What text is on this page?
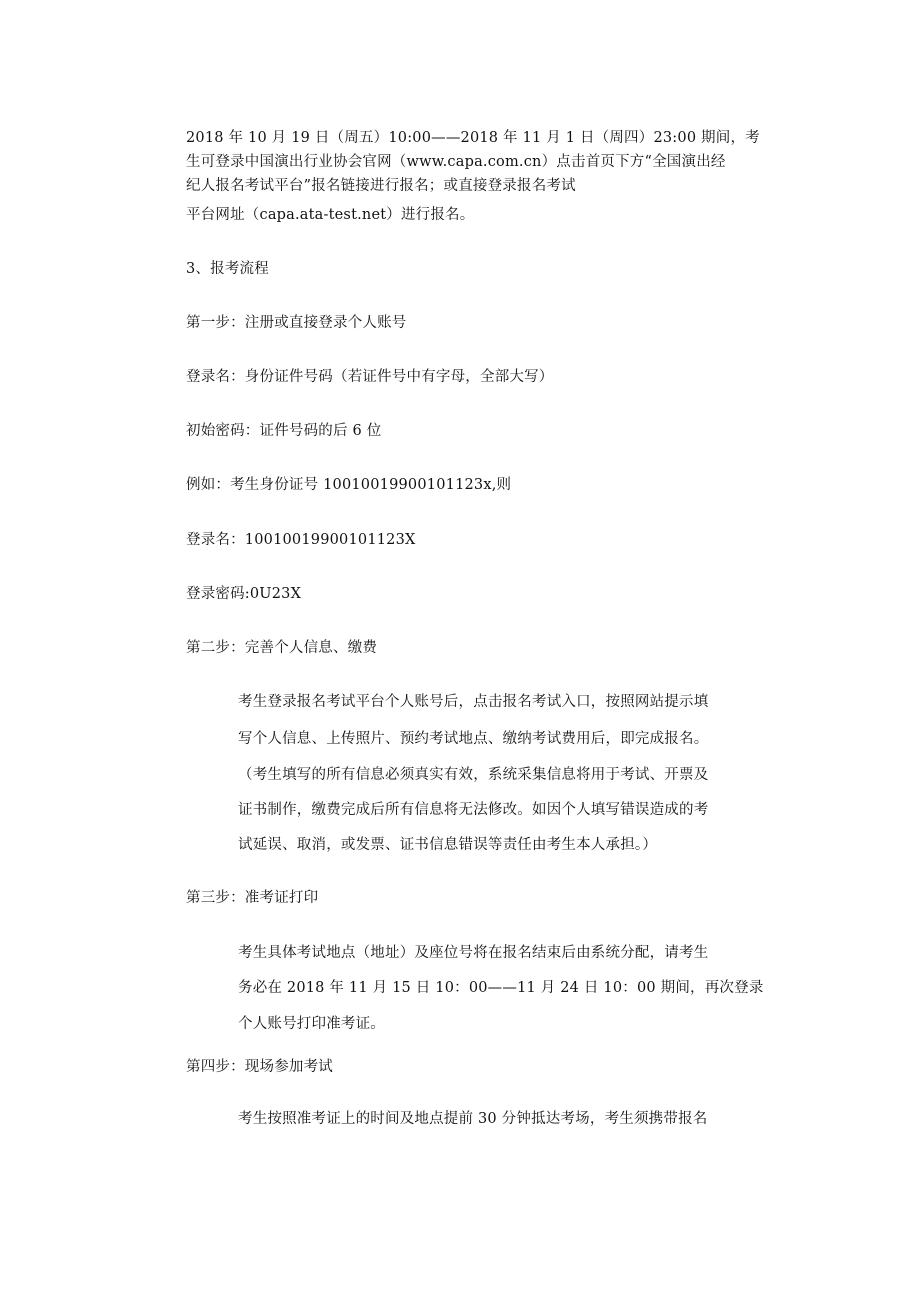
2018 年 10 月 19 日（周五）10:00——2018 年 11 月 1 日（周四）23:00 期间，考
生可登录中国演出行业协会官网（www.capa.com.cn）点击首页下方“全国演出经
纪人报名考试平台”报名链接进行报名；或直接登录报名考试
平台网址（capa.ata-test.net）进行报名。
3、报考流程
第一步：注册或直接登录个人账号
登录名：身份证件号码（若证件号中有字母，全部大写）
初始密码：证件号码的后 6 位
例如：考生身份证号 10010019900101123x,则
登录名：10010019900101123X
登录密码:0U23X
第二步：完善个人信息、缴费
考生登录报名考试平台个人账号后，点击报名考试入口，按照网站提示填
写个人信息、上传照片、预约考试地点、缴纳考试费用后，即完成报名。
（考生填写的所有信息必须真实有效，系统采集信息将用于考试、开票及
证书制作，缴费完成后所有信息将无法修改。如因个人填写错误造成的考
试延误、取消，或发票、证书信息错误等责任由考生本人承担。）
第三步：准考证打印
考生具体考试地点（地址）及座位号将在报名结束后由系统分配，请考生
务必在 2018 年 11 月 15 日 10：00——11 月 24 日 10：00 期间，再次登录
个人账号打印准考证。
第四步：现场参加考试
考生按照准考证上的时间及地点提前 30 分钟抵达考场，考生须携带报名
